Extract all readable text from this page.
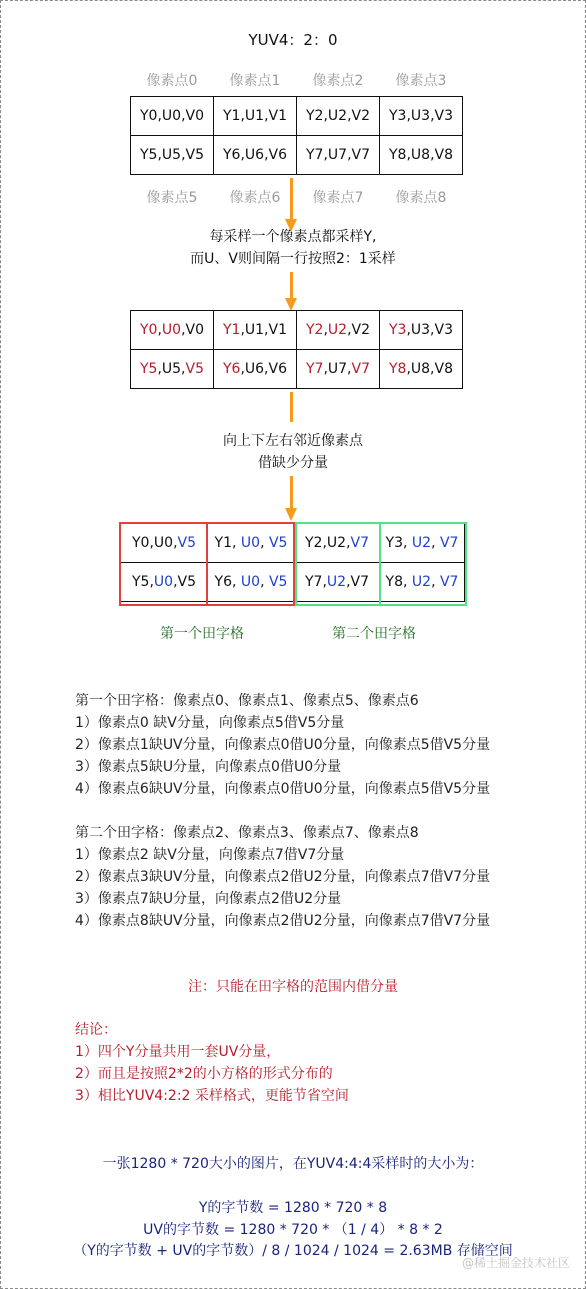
YUV4：2：0
像素点0	像素点1	像素点2	像素点3
Y0,U0,V0	Y1,U1,V1	Y2,U2,V2	Y3,U3,V3
Y5,U5,V5	Y6,U6,V6	Y7,U7,V7	Y8,U8,V8
像素点5	像素点6	像素点7	像素点8
每采样一个像素点都采样Y,
而U、V则间隔一行按照2：1采样
Y0,U0,V0	Y1,U1,V1	Y2,U2,V2	Y3,U3,V3
Y5,U5,V5	Y6,U6,V6	Y7,U7,V7	Y8,U8,V8
向上下左右邻近像素点
借缺少分量
Y0,U0,V5	Y1, U0, V5	Y2,U2,V7	Y3, U2, V7
Y5,U0,V5	Y6, U0, V5	Y7,U2,V7	Y8, U2, V7
第一个田字格	第二个田字格
第一个田字格：像素点0、像素点1、像素点5、像素点6
1）像素点0 缺V分量，向像素点5借V5分量
2）像素点1缺UV分量，向像素点0借U0分量，向像素点5借V5分量
3）像素点5缺U分量，向像素点0借U0分量
4）像素点6缺UV分量，向像素点0借U0分量，向像素点5借V5分量
第二个田字格：像素点2、像素点3、像素点7、像素点8
1）像素点2 缺V分量，向像素点7借V7分量
2）像素点3缺UV分量，向像素点2借U2分量，向像素点7借V7分量
3）像素点7缺U分量，向像素点2借U2分量
4）像素点8缺UV分量，向像素点2借U2分量，向像素点7借V7分量
注：只能在田字格的范围内借分量
结论：
1）四个Y分量共用一套UV分量，
2）而且是按照2*2的小方格的形式分布的
3）相比YUV4:2:2 采样格式，更能节省空间
一张1280 * 720大小的图片，在YUV4:4:4采样时的大小为：
Y的字节数 = 1280 * 720 * 8
UV的字节数 = 1280 * 720 * （1 / 4） * 8 * 2
（Y的字节数 + UV的字节数）/ 8 / 1024 / 1024 = 2.63MB 存储空间
@稀土掘金技术社区
